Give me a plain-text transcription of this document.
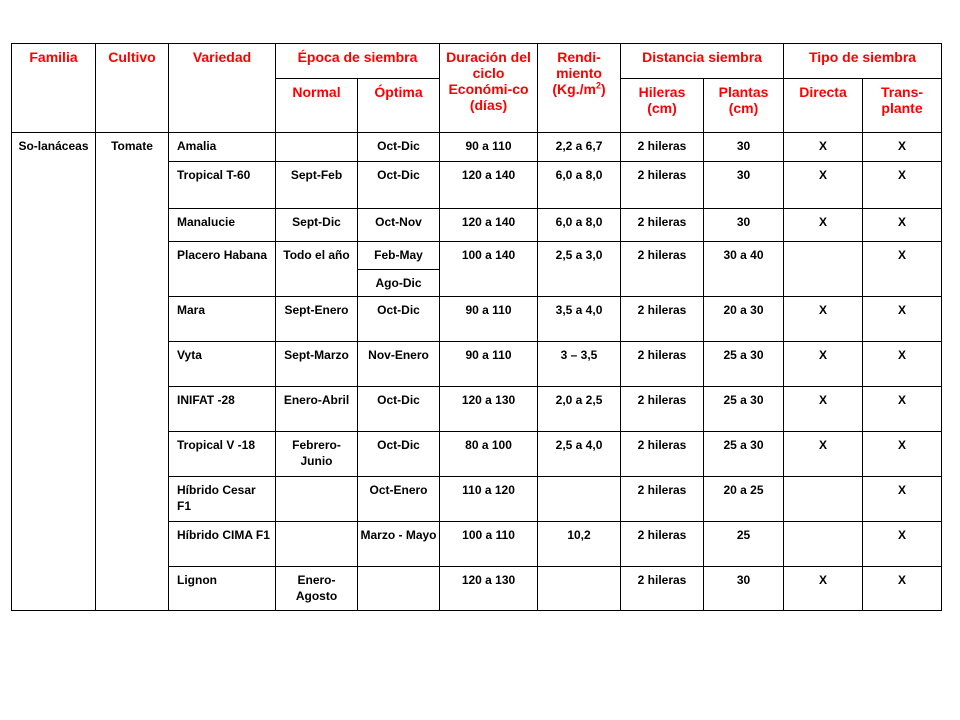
Familia	Cultivo	Variedad	Época de siembra		Duración del ciclo Económi-co (días)	Rendi-miento $(Kg./m^2)$	Distancia siembra		Tipo de siembra	
			Normal	Óptima			Hileras (cm)	Plantas (cm)	Directa	Trans-plante
So-lanáceas	Tomate	Amalia		Oct-Dic	90 a 110	2,2 a 6,7	2 hileras	30	X	X
		Tropical T-60	Sept-Feb	Oct-Dic	120 a 140	6,0 a 8,0	2 hileras	30	X	X
		Manalucie	Sept-Dic	Oct-Nov	120 a 140	6,0 a 8,0	2 hileras	30	X	X
		Placero Habana	Todo el año	Feb-May	100 a 140	2,5 a 3,0	2 hileras	30 a 40		X
				Ago-Dic						
		Mara	Sept-Enero	Oct-Dic	90 a 110	3,5 a 4,0	2 hileras	20 a 30	X	X
		Vyta	Sept-Marzo	Nov-Enero	90 a 110	3 – 3,5	2 hileras	25 a 30	X	X
		INIFAT -28	Enero-Abril	Oct-Dic	120 a 130	2,0 a 2,5	2 hileras	25 a 30	X	X
		Tropical V -18	Febrero-Junio	Oct-Dic	80 a 100	2,5 a 4,0	2 hileras	25 a 30	X	X
		Híbrido Cesar F1		Oct-Enero	110 a 120		2 hileras	20 a 25		X
		Híbrido CIMA F1		Marzo - Mayo	100 a 110	10,2	2 hileras	25		X
		Lignon	Enero-Agosto		120 a 130		2 hileras	30	X	X
